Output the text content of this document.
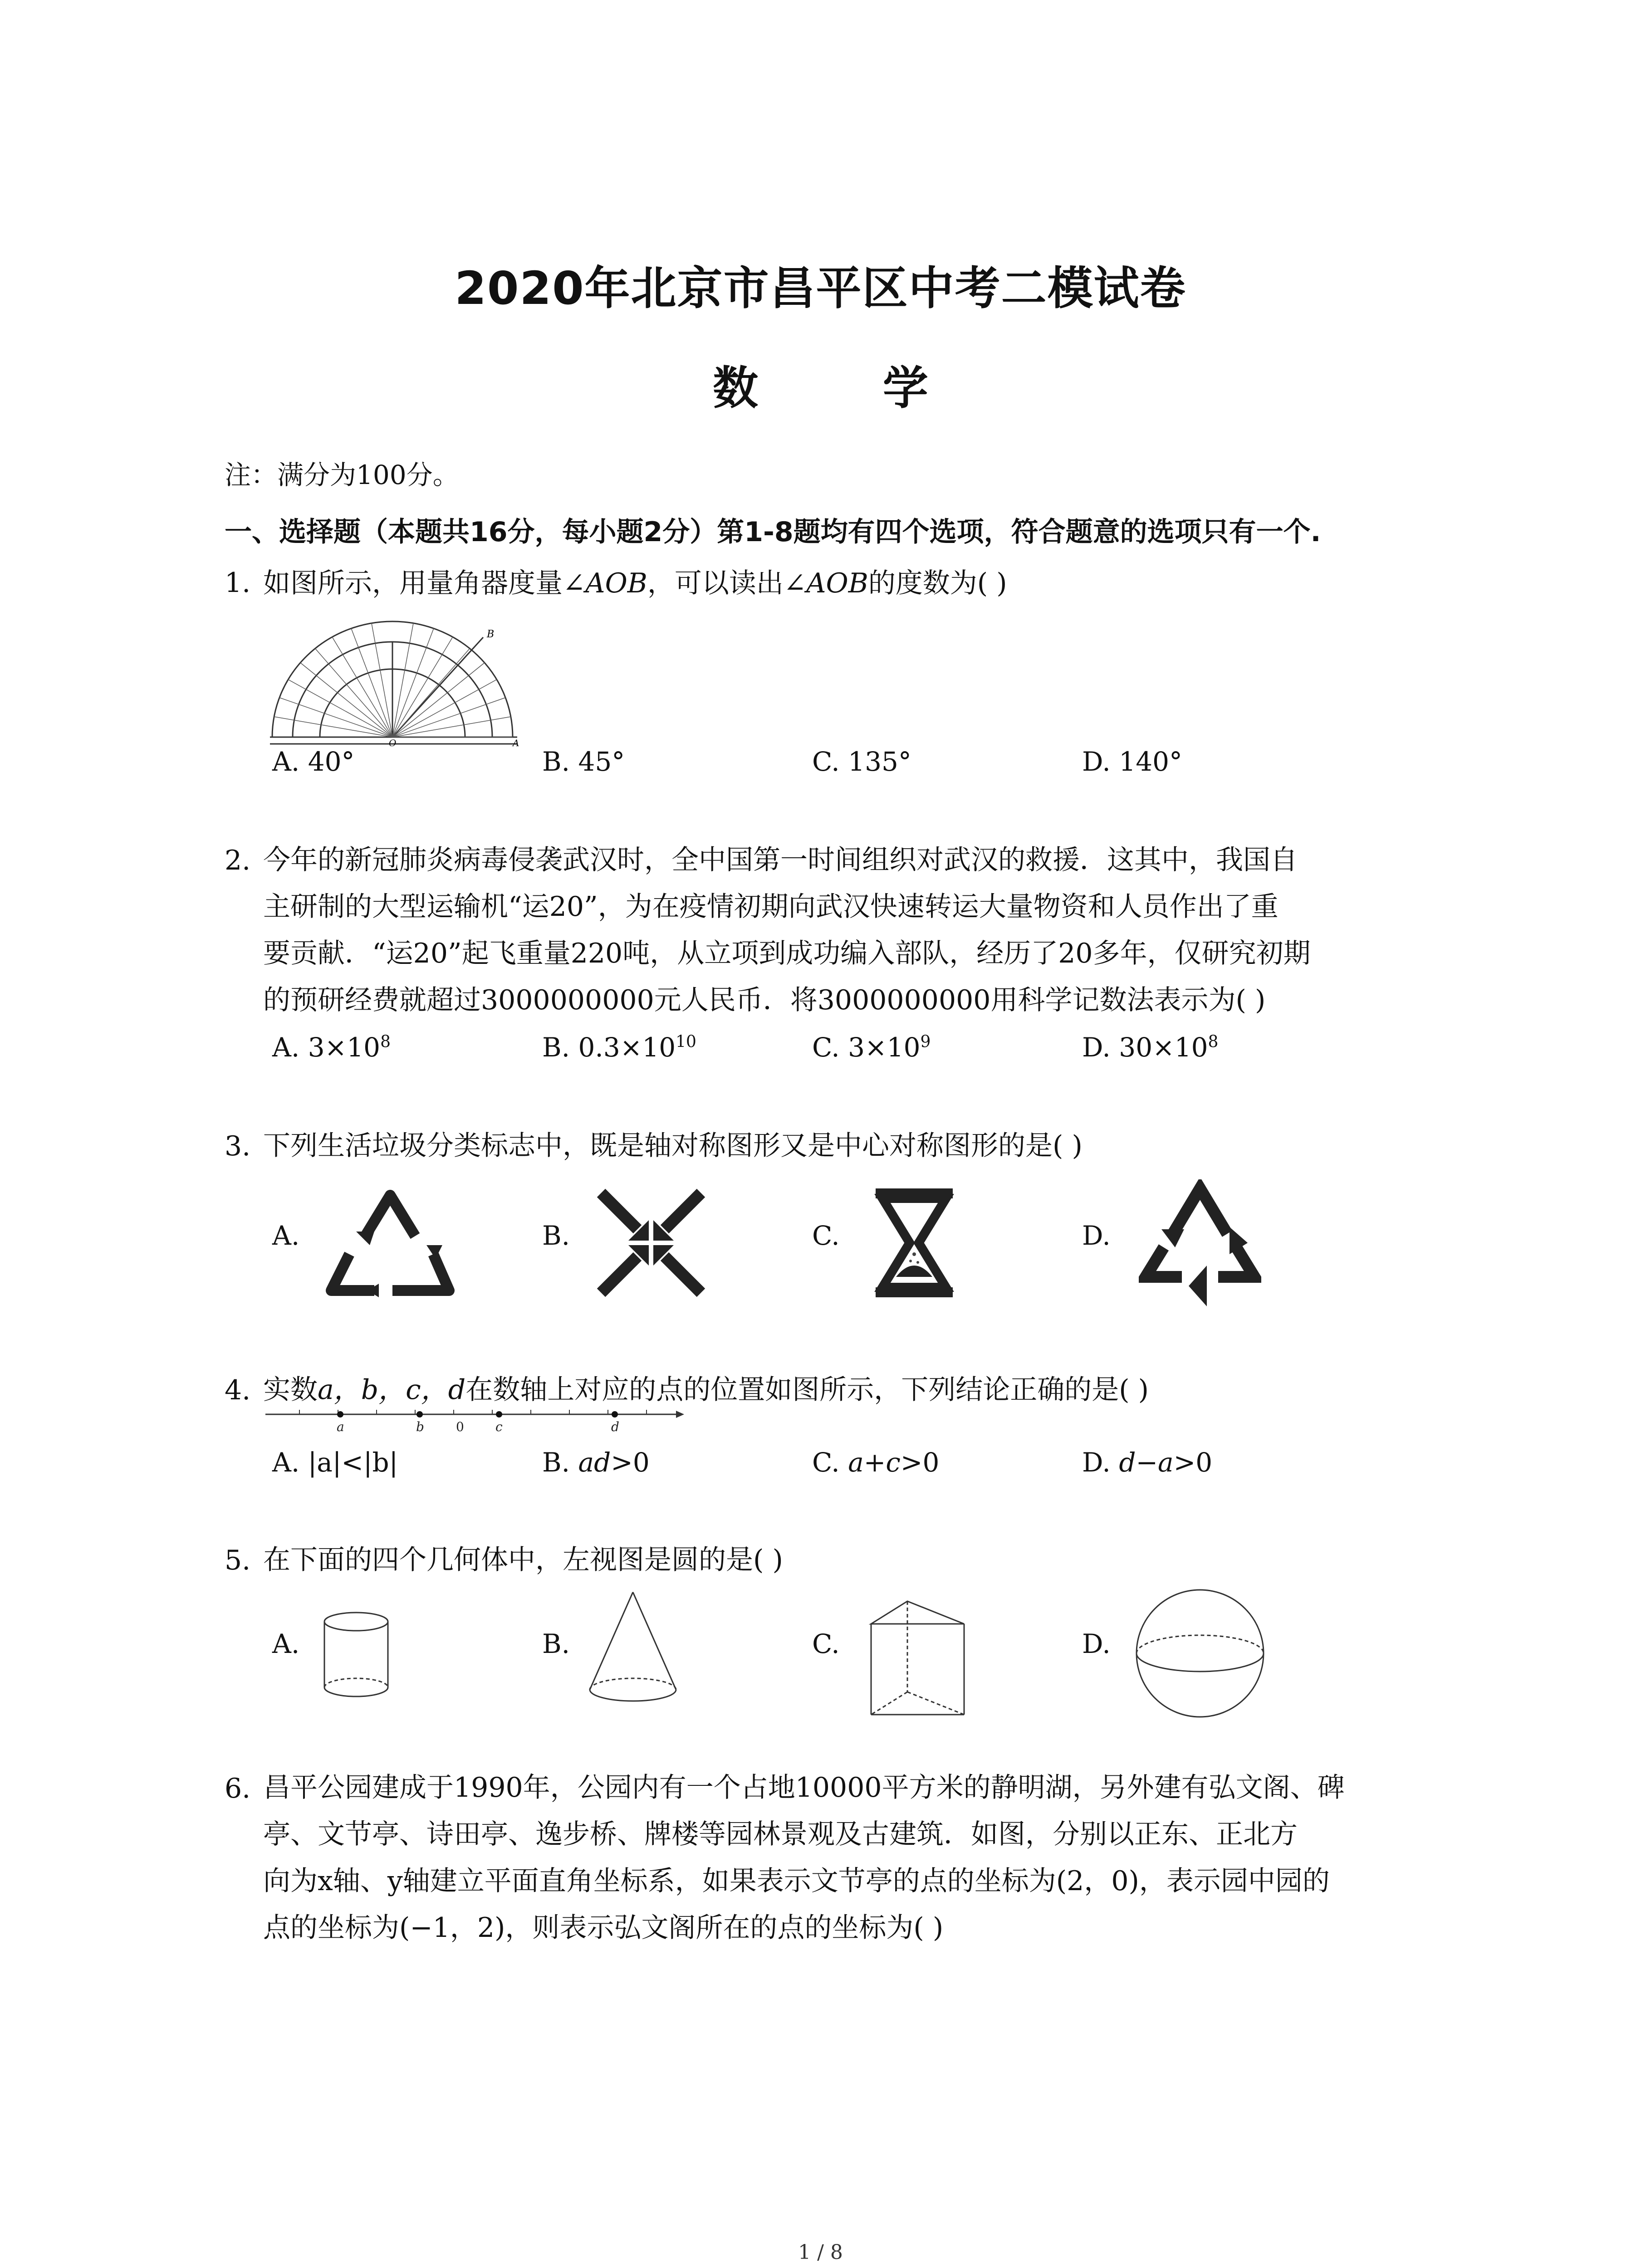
2020年北京市昌平区中考二模试卷
数 学
注：满分为100分。
一、选择题（本题共16分，每小题2分）第1-8题均有四个选项，符合题意的选项只有一个.
1. 如图所示，用量角器度量∠AOB，可以读出∠AOB的度数为( )
B
O	A
A. 40°	B. 45°	C. 135°	D. 140°
2. 今年的新冠肺炎病毒侵袭武汉时，全中国第一时间组织对武汉的救援．这其中，我国自
主研制的大型运输机“运20”，为在疫情初期向武汉快速转运大量物资和人员作出了重
要贡献．“运20”起飞重量220吨，从立项到成功编入部队，经历了20多年，仅研究初期
的预研经费就超过3000000000元人民币．将3000000000用科学记数法表示为( )
A. $3\times 10^8$	B. $0.3\times 10^{10}$	C. $3\times 10^9$	D. $30\times 10^8$
3. 下列生活垃圾分类标志中，既是轴对称图形又是中心对称图形的是( )
A.	B.	C.	D.
4. 实数a，b，c，d在数轴上对应的点的位置如图所示，下列结论正确的是( )
a	b	0 c	d
A. |a|<|b|	B. ad>0	C. a+c>0	D. d−a>0
5. 在下面的四个几何体中，左视图是圆的是( )
A.	B.	C.	D.
6. 昌平公园建成于1990年，公园内有一个占地10000平方米的静明湖，另外建有弘文阁、碑
亭、文节亭、诗田亭、逸步桥、牌楼等园林景观及古建筑．如图，分别以正东、正北方
向为x轴、y轴建立平面直角坐标系，如果表示文节亭的点的坐标为(2，0)，表示园中园的
点的坐标为(−1，2)，则表示弘文阁所在的点的坐标为( )
1 / 8
